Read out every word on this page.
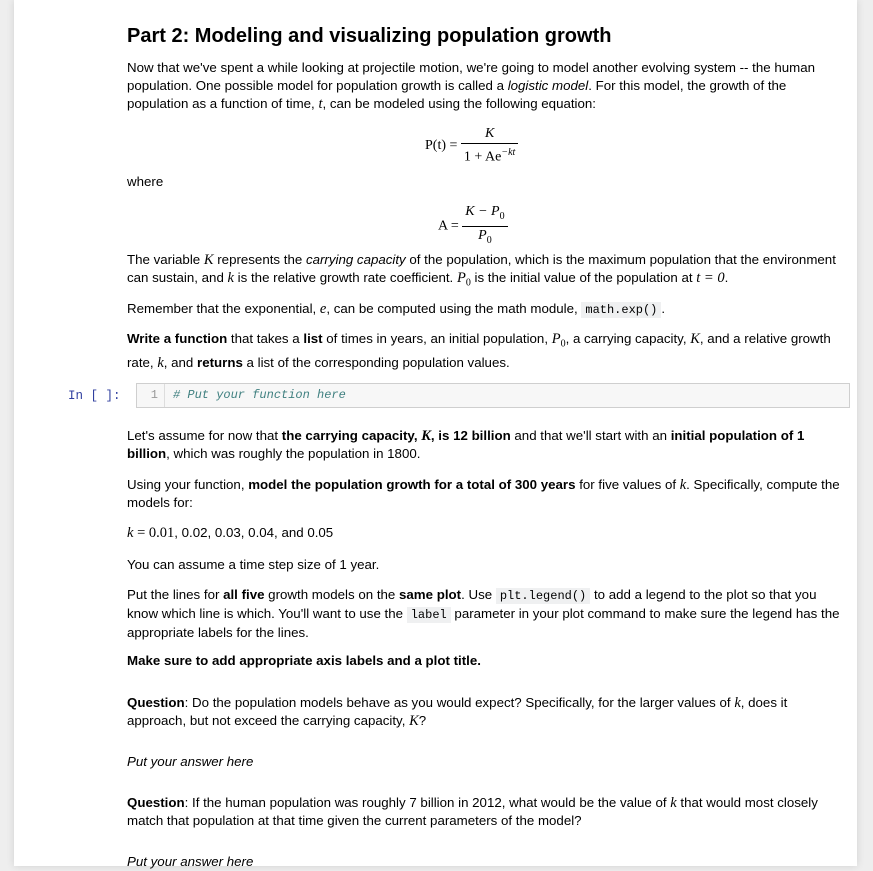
Part 2: Modeling and visualizing population growth

Now that we've spent a while looking at projectile motion, we're going to model another evolving system -- the human population. One possible model for population growth is called a logistic model. For this model, the growth of the population as a function of time, t, can be modeled using the following equation:

$P(t) = \frac{K}{1 + Ae^{-kt}}$

where

$A = \frac{K - P_0}{P_0}$

The variable K represents the carrying capacity of the population, which is the maximum population that the environment can sustain, and k is the relative growth rate coefficient. $P_0$ is the initial value of the population at t = 0.

Remember that the exponential, e, can be computed using the math module, math.exp() .

Write a function that takes a list of times in years, an initial population, $P_0$, a carrying capacity, K, and a relative growth rate, k, and returns a list of the corresponding population values.

In [ ]:	1	# Put your function here

Let's assume for now that the carrying capacity, K, is 12 billion and that we'll start with an initial population of 1 billion, which was roughly the population in 1800.

Using your function, model the population growth for a total of 300 years for five values of k. Specifically, compute the models for:

k = 0.01, 0.02, 0.03, 0.04, and 0.05

You can assume a time step size of 1 year.

Put the lines for all five growth models on the same plot. Use plt.legend() to add a legend to the plot so that you know which line is which. You'll want to use the label parameter in your plot command to make sure the legend has the appropriate labels for the lines.

Make sure to add appropriate axis labels and a plot title.

Question: Do the population models behave as you would expect? Specifically, for the larger values of k, does it approach, but not exceed the carrying capacity, K?

Put your answer here

Question: If the human population was roughly 7 billion in 2012, what would be the value of k that would most closely match that population at that time given the current parameters of the model?

Put your answer here
